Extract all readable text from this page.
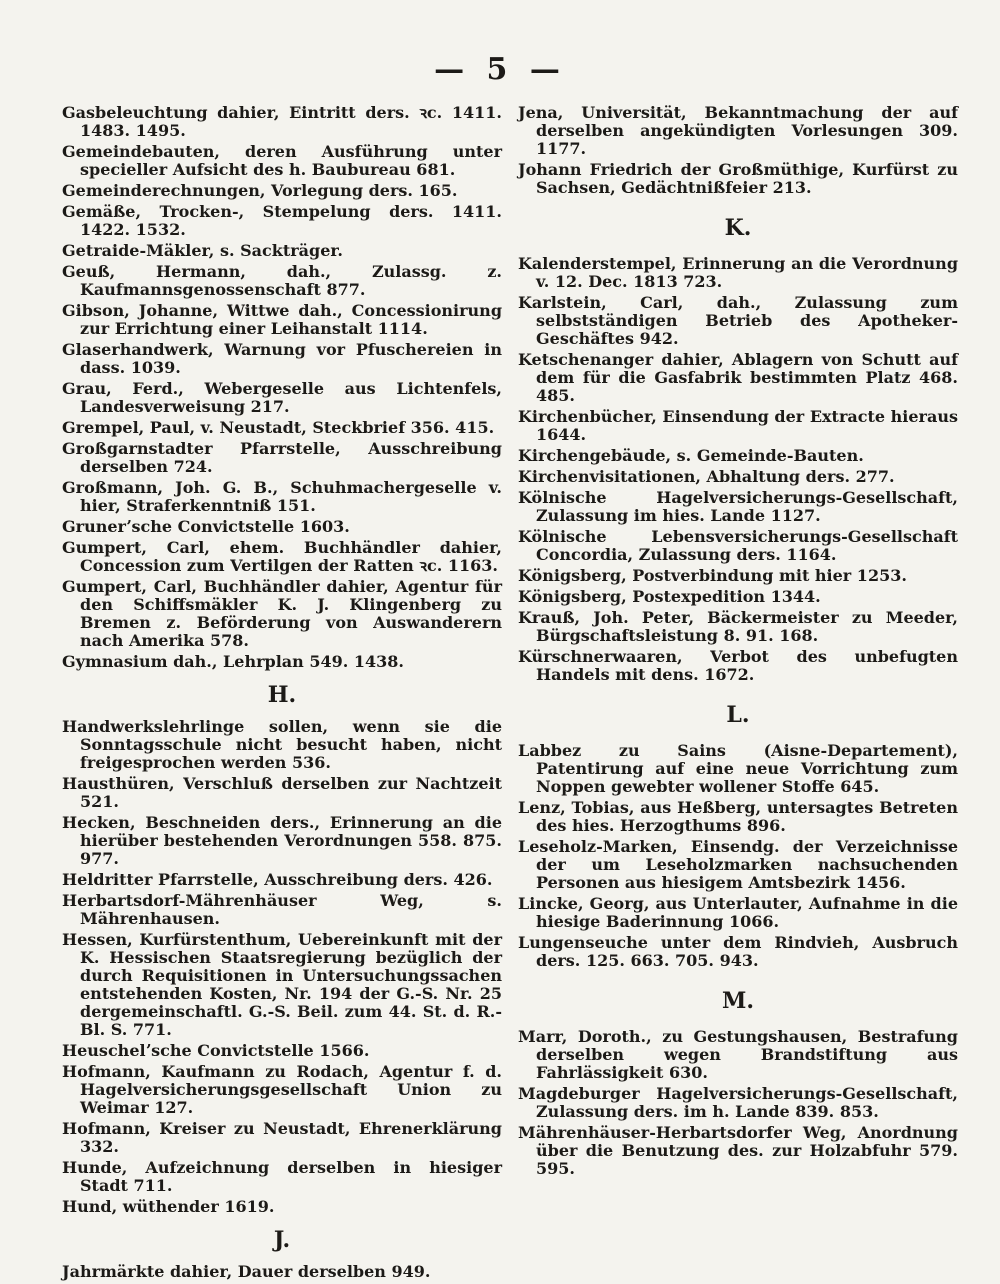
— 5 —

Gasbeleuchtung dahier, Eintritt ders. ꝛc. 1411. 1483. 1495.

Gemeindebauten, deren Ausführung unter specieller Aufsicht des h. Baubureau 681.

Gemeinderechnungen, Vorlegung ders. 165.

Gemäße, Trocken-, Stempelung ders. 1411. 1422. 1532.

Getraide-Mäkler, s. Sackträger.

Geuß, Hermann, dah., Zulassg. z. Kaufmannsgenossenschaft 877.

Gibson, Johanne, Wittwe dah., Concessionirung zur Errichtung einer Leihanstalt 1114.

Glaserhandwerk, Warnung vor Pfuschereien in dass. 1039.

Grau, Ferd., Webergeselle aus Lichtenfels, Landesverweisung 217.

Grempel, Paul, v. Neustadt, Steckbrief 356. 415.

Großgarnstadter Pfarrstelle, Ausschreibung derselben 724.

Großmann, Joh. G. B., Schuhmachergeselle v. hier, Straferkenntniß 151.

Grunerʼsche Convictstelle 1603.

Gumpert, Carl, ehem. Buchhändler dahier, Concession zum Vertilgen der Ratten ꝛc. 1163.

Gumpert, Carl, Buchhändler dahier, Agentur für den Schiffsmäkler K. J. Klingenberg zu Bremen z. Beförderung von Auswanderern nach Amerika 578.

Gymnasium dah., Lehrplan 549. 1438.

H.

Handwerkslehrlinge sollen, wenn sie die Sonntagsschule nicht besucht haben, nicht freigesprochen werden 536.

Hausthüren, Verschluß derselben zur Nachtzeit 521.

Hecken, Beschneiden ders., Erinnerung an die hierüber bestehenden Verordnungen 558. 875. 977.

Heldritter Pfarrstelle, Ausschreibung ders. 426.

Herbartsdorf-Mährenhäuser Weg, s. Mährenhausen.

Hessen, Kurfürstenthum, Uebereinkunft mit der K. Hessischen Staatsregierung bezüglich der durch Requisitionen in Untersuchungssachen entstehenden Kosten, Nr. 194 der G.-S. Nr. 25 dergemeinschaftl. G.-S. Beil. zum 44. St. d. R.-Bl. S. 771.

Heuschelʼsche Convictstelle 1566.

Hofmann, Kaufmann zu Rodach, Agentur f. d. Hagelversicherungsgesellschaft Union zu Weimar 127.

Hofmann, Kreiser zu Neustadt, Ehrenerklärung 332.

Hunde, Aufzeichnung derselben in hiesiger Stadt 711.

Hund, wüthender 1619.

J.

Jahrmärkte dahier, Dauer derselben 949.

Jena, Universität, Bekanntmachung der auf derselben angekündigten Vorlesungen 309. 1177.

Johann Friedrich der Großmüthige, Kurfürst zu Sachsen, Gedächtnißfeier 213.

K.

Kalenderstempel, Erinnerung an die Verordnung v. 12. Dec. 1813 723.

Karlstein, Carl, dah., Zulassung zum selbstständigen Betrieb des Apotheker-Geschäftes 942.

Ketschenanger dahier, Ablagern von Schutt auf dem für die Gasfabrik bestimmten Platz 468. 485.

Kirchenbücher, Einsendung der Extracte hieraus 1644.

Kirchengebäude, s. Gemeinde-Bauten.

Kirchenvisitationen, Abhaltung ders. 277.

Kölnische Hagelversicherungs-Gesellschaft, Zulassung im hies. Lande 1127.

Kölnische Lebensversicherungs-Gesellschaft Concordia, Zulassung ders. 1164.

Königsberg, Postverbindung mit hier 1253.

Königsberg, Postexpedition 1344.

Krauß, Joh. Peter, Bäckermeister zu Meeder, Bürgschaftsleistung 8. 91. 168.

Kürschnerwaaren, Verbot des unbefugten Handels mit dens. 1672.

L.

Labbez zu Sains (Aisne-Departement), Patentirung auf eine neue Vorrichtung zum Noppen gewebter wollener Stoffe 645.

Lenz, Tobias, aus Heßberg, untersagtes Betreten des hies. Herzogthums 896.

Leseholz-Marken, Einsendg. der Verzeichnisse der um Leseholzmarken nachsuchenden Personen aus hiesigem Amtsbezirk 1456.

Lincke, Georg, aus Unterlauter, Aufnahme in die hiesige Baderinnung 1066.

Lungenseuche unter dem Rindvieh, Ausbruch ders. 125. 663. 705. 943.

M.

Marr, Doroth., zu Gestungshausen, Bestrafung derselben wegen Brandstiftung aus Fahrlässigkeit 630.

Magdeburger Hagelversicherungs-Gesellschaft, Zulassung ders. im h. Lande 839. 853.

Mährenhäuser-Herbartsdorfer Weg, Anordnung über die Benutzung des. zur Holzabfuhr 579. 595.
